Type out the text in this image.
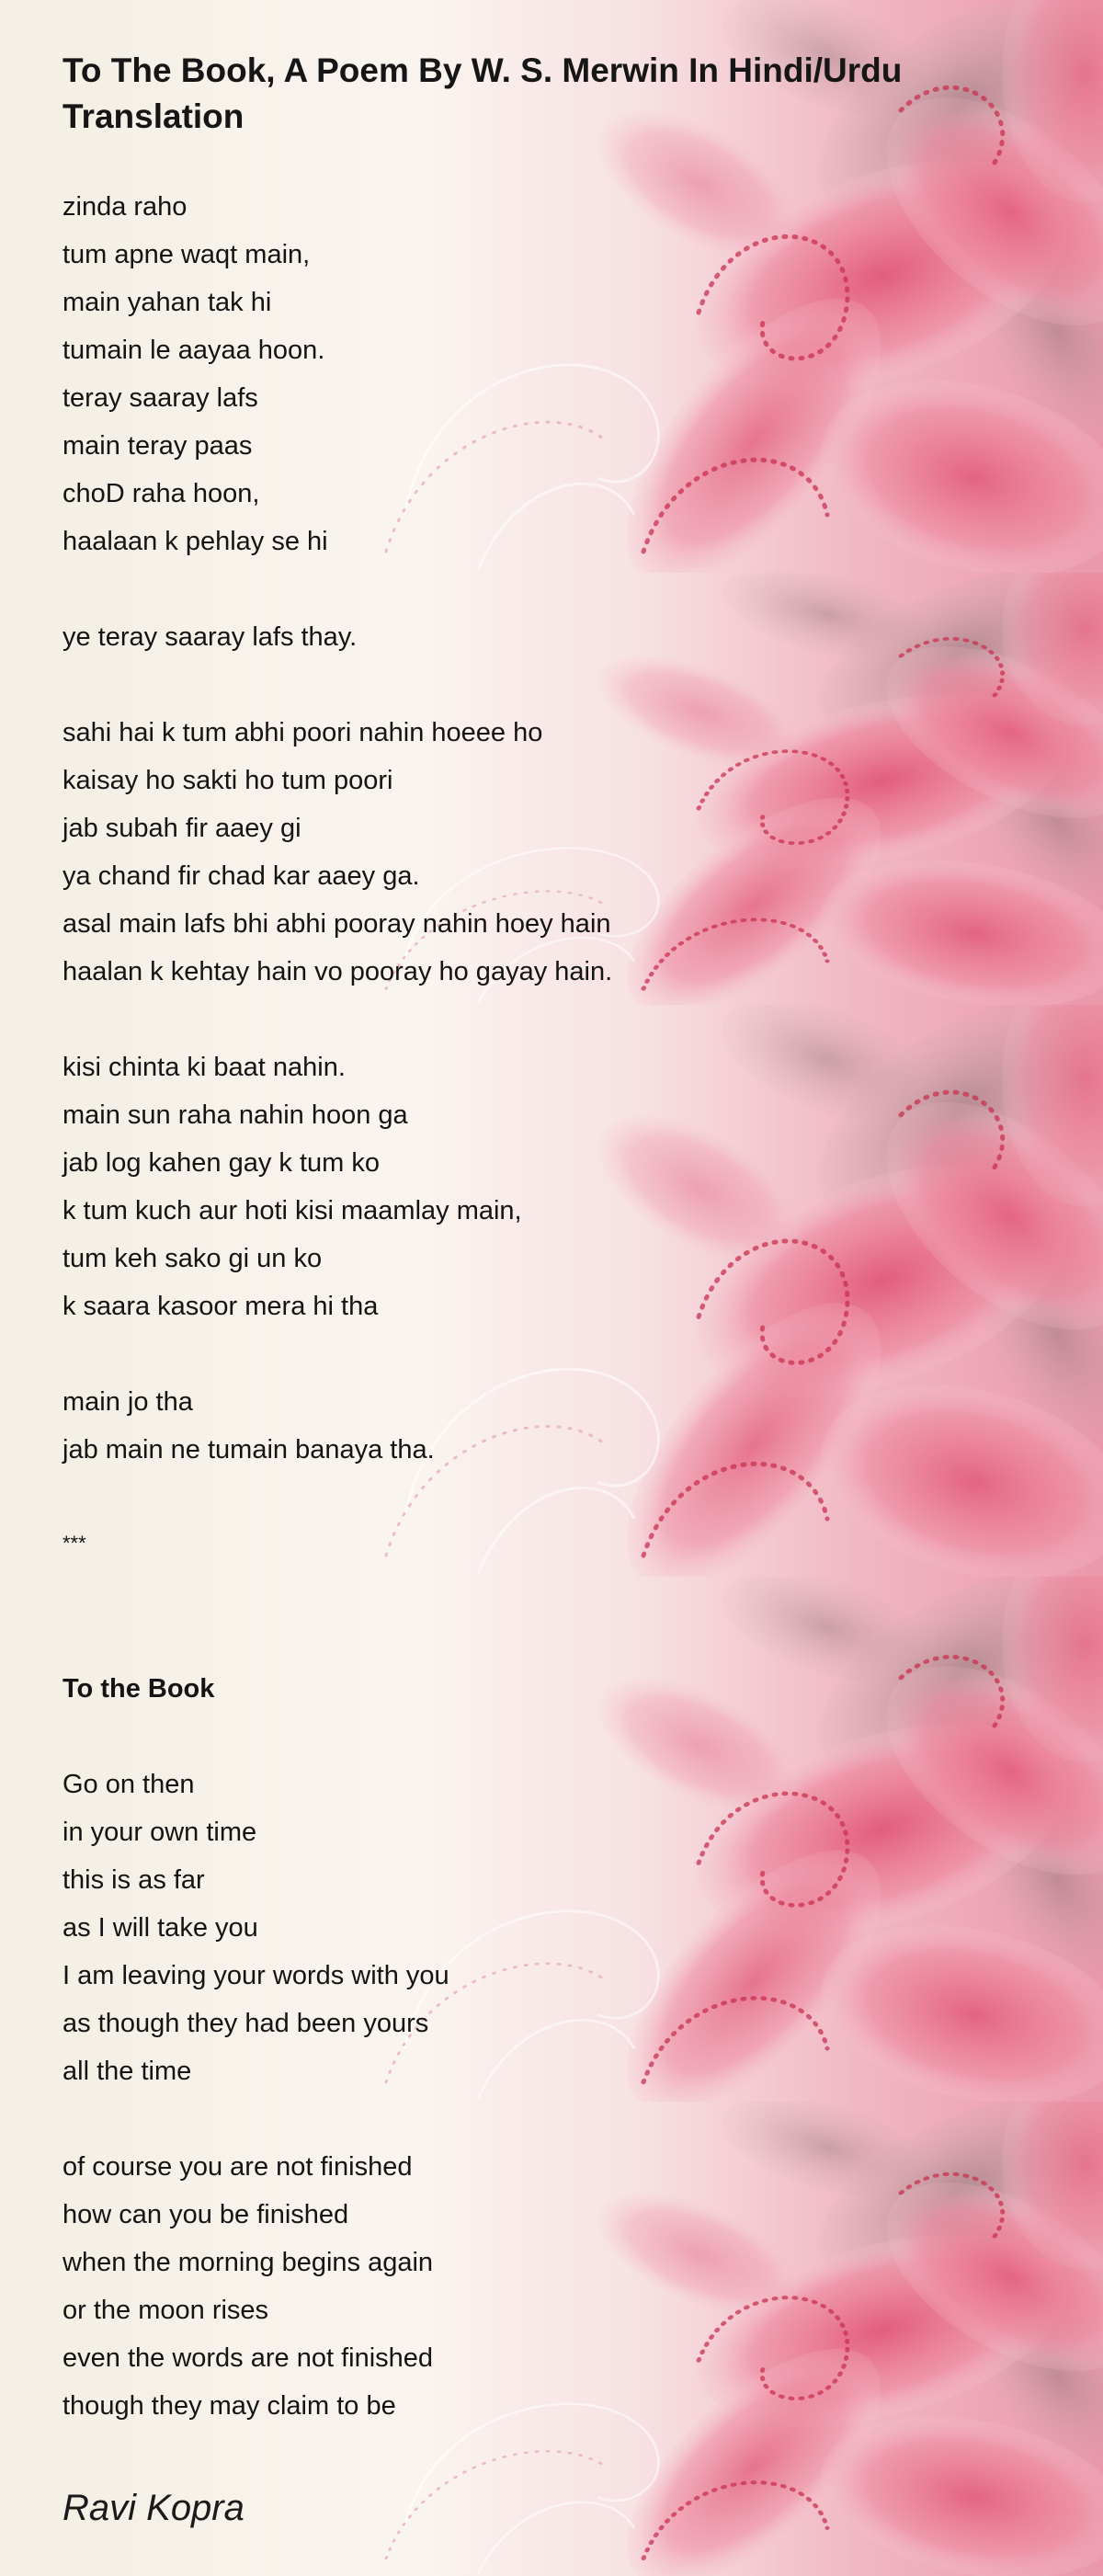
To The Book, A Poem By W. S. Merwin In Hindi/Urdu Translation
zinda raho
tum apne waqt main,
main yahan tak hi
tumain le aayaa hoon.
teray saaray lafs
main teray paas
choD raha hoon,
haalaan k pehlay se hi
ye teray saaray lafs thay.
sahi hai k tum abhi poori nahin hoeee ho
kaisay ho sakti ho tum poori
jab subah fir aaey gi
ya chand fir chad kar aaey ga.
asal main lafs bhi abhi pooray nahin hoey hain
haalan k kehtay hain vo pooray ho gayay hain.
kisi chinta ki baat nahin.
main sun raha nahin hoon ga
jab log kahen gay k tum ko
k tum kuch aur hoti kisi maamlay main,
tum keh sako gi un ko
k saara kasoor mera hi tha
main jo tha
jab main ne tumain banaya tha.
***
To the Book
Go on then
in your own time
this is as far
as I will take you
I am leaving your words with you
as though they had been yours
all the time
of course you are not finished
how can you be finished
when the morning begins again
or the moon rises
even the words are not finished
though they may claim to be
Ravi Kopra
